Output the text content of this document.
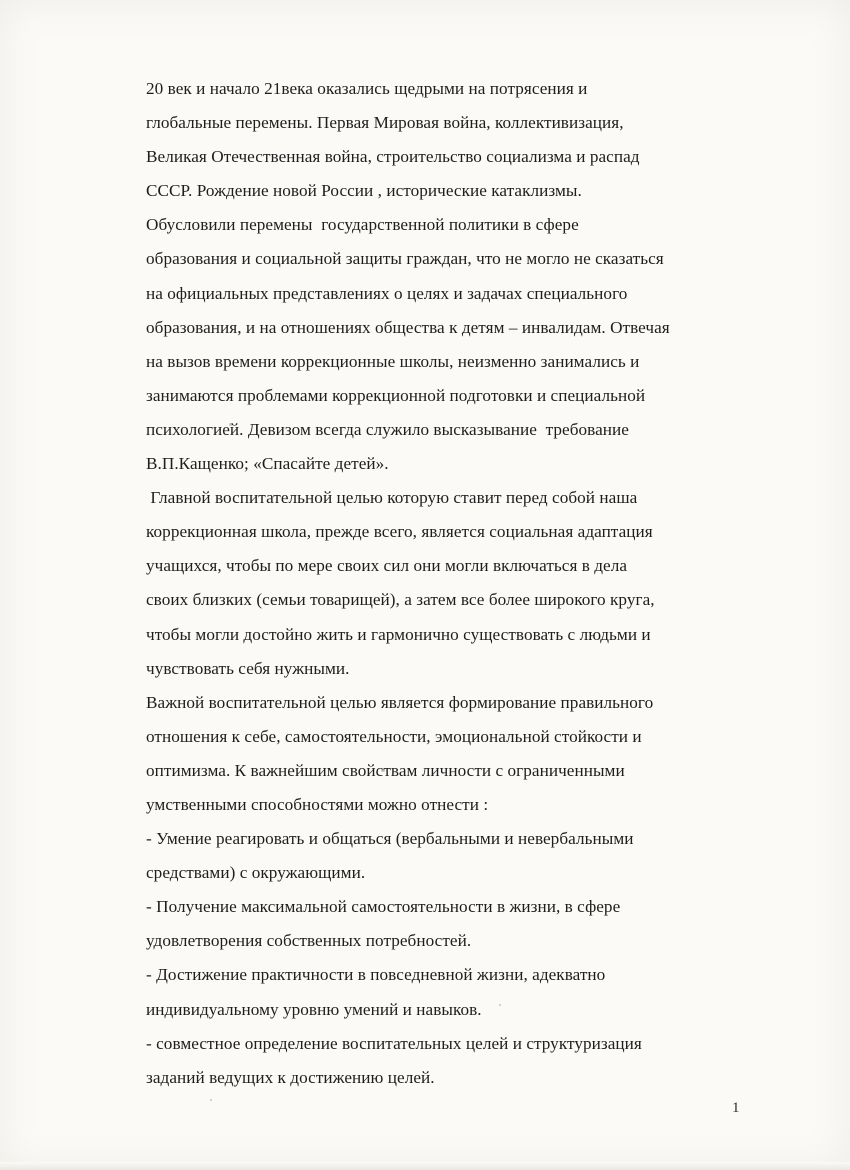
20 век и начало 21века оказались щедрыми на потрясения и
глобальные перемены. Первая Мировая война, коллективизация,
Великая Отечественная война, строительство социализма и распад
СССР. Рождение новой России , исторические катаклизмы.
Обусловили перемены  государственной политики в сфере
образования и социальной защиты граждан, что не могло не сказаться
на официальных представлениях о целях и задачах специального
образования, и на отношениях общества к детям – инвалидам. Отвечая
на вызов времени коррекционные школы, неизменно занимались и
занимаются проблемами коррекционной подготовки и специальной
психологией. Девизом всегда служило высказывание  требование
В.П.Кащенко; «Спасайте детей».
Главной воспитательной целью которую ставит перед собой наша
коррекционная школа, прежде всего, является социальная адаптация
учащихся, чтобы по мере своих сил они могли включаться в дела
своих близких (семьи товарищей), а затем все более широкого круга,
чтобы могли достойно жить и гармонично существовать с людьми и
чувствовать себя нужными.
Важной воспитательной целью является формирование правильного
отношения к себе, самостоятельности, эмоциональной стойкости и
оптимизма. К важнейшим свойствам личности с ограниченными
умственными способностями можно отнести :
- Умение реагировать и общаться (вербальными и невербальными
средствами) с окружающими.
- Получение максимальной самостоятельности в жизни, в сфере
удовлетворения собственных потребностей.
- Достижение практичности в повседневной жизни, адекватно
индивидуальному уровню умений и навыков.
- совместное определение воспитательных целей и структуризация
заданий ведущих к достижению целей.
1
